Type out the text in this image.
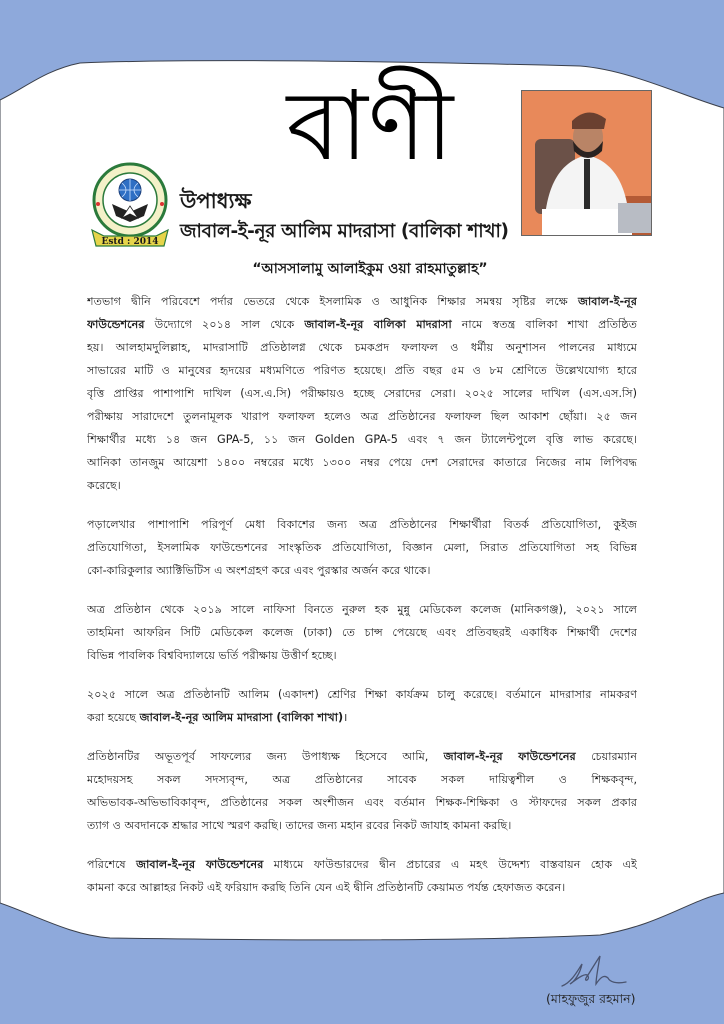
বাণী
Estd : 2014
উপাধ্যক্ষ
জাবাল-ই-নূর আলিম মাদরাসা (বালিকা শাখা)
“আসসালামু আলাইকুম ওয়া রাহমাতুল্লাহ”
শতভাগ দ্বীনি পরিবেশে পর্দার ভেতরে থেকে ইসলামিক ও আধুনিক শিক্ষার সমন্বয় সৃষ্টির লক্ষে জাবাল-ই-নূর
ফাউন্ডেশনের উদ্যোগে ২০১৪ সাল থেকে জাবাল-ই-নূর বালিকা মাদরাসা নামে স্বতন্ত্র বালিকা শাখা প্রতিষ্ঠিত
হয়। আলহামদুলিল্লাহ, মাদরাসাটি প্রতিষ্ঠালগ্ন থেকে চমকপ্রদ ফলাফল ও ধর্মীয় অনুশাসন পালনের মাধ্যমে
সাভারের মাটি ও মানুষের হৃদয়ের মধ্যমণিতে পরিণত হয়েছে। প্রতি বছর ৫ম ও ৮ম শ্রেণিতে উল্লেখযোগ্য হারে
বৃত্তি প্রাপ্তির পাশাপাশি দাখিল (এস.এ.সি) পরীক্ষায়ও হচ্ছে সেরাদের সেরা। ২০২৫ সালের দাখিল (এস.এস.সি)
পরীক্ষায় সারাদেশে তুলনামূলক খারাপ ফলাফল হলেও অত্র প্রতিষ্ঠানের ফলাফল ছিল আকাশ ছোঁয়া। ২৫ জন
শিক্ষার্থীর মধ্যে ১৪ জন GPA-5, ১১ জন Golden GPA-5 এবং ৭ জন ট্যালেন্টপুলে বৃত্তি লাভ করেছে।
আনিকা তানজুম আয়েশা ১৪০০ নম্বরের মধ্যে ১৩০০ নম্বর পেয়ে দেশ সেরাদের কাতারে নিজের নাম লিপিবদ্ধ
করেছে।
পড়ালেখার পাশাপাশি পরিপূর্ণ মেধা বিকাশের জন্য অত্র প্রতিষ্ঠানের শিক্ষার্থীরা বিতর্ক প্রতিযোগিতা, কুইজ
প্রতিযোগিতা, ইসলামিক ফাউন্ডেশনের সাংস্কৃতিক প্রতিযোগিতা, বিজ্ঞান মেলা, সিরাত প্রতিযোগিতা সহ বিভিন্ন
কো-কারিকুলার অ্যাক্টিভিটিস এ অংশগ্রহণ করে এবং পুরস্কার অর্জন করে থাকে।
অত্র প্রতিষ্ঠান থেকে ২০১৯ সালে নাফিসা বিনতে নুরুল হক মুন্নু মেডিকেল কলেজ (মানিকগঞ্জ), ২০২১ সালে
তাহমিনা আফরিন সিটি মেডিকেল কলেজ (ঢাকা) তে চান্স পেয়েছে এবং প্রতিবছরই একাধিক শিক্ষার্থী দেশের
বিভিন্ন পাবলিক বিশ্ববিদ্যালয়ে ভর্তি পরীক্ষায় উত্তীর্ণ হচ্ছে।
২০২৫ সালে অত্র প্রতিষ্ঠানটি আলিম (একাদশ) শ্রেণির শিক্ষা কার্যক্রম চালু করেছে। বর্তমানে মাদরাসার নামকরণ
করা হয়েছে জাবাল-ই-নূর আলিম মাদরাসা (বালিকা শাখা)।
প্রতিষ্ঠানটির অভূতপূর্ব সাফল্যের জন্য উপাধ্যক্ষ হিসেবে আমি, জাবাল-ই-নূর ফাউন্ডেশনের চেয়ারম্যান
মহোদয়সহ সকল সদস্যবৃন্দ, অত্র প্রতিষ্ঠানের সাবেক সকল দায়িত্বশীল ও শিক্ষকবৃন্দ,
অভিভাবক-অভিভাবিকাবৃন্দ, প্রতিষ্ঠানের সকল অংশীজন এবং বর্তমান শিক্ষক-শিক্ষিকা ও স্টাফদের সকল প্রকার
ত্যাগ ও অবদানকে শ্রদ্ধার সাথে স্মরণ করছি। তাদের জন্য মহান রবের নিকট জাযাহ কামনা করছি।
পরিশেষে জাবাল-ই-নূর ফাউন্ডেশনের মাধ্যমে ফাউন্ডারদের দ্বীন প্রচারের এ মহৎ উদ্দেশ্য বাস্তবায়ন হোক এই
কামনা করে আল্লাহর নিকট এই ফরিয়াদ করছি তিনি যেন এই দ্বীনি প্রতিষ্ঠানটি কেয়ামত পর্যন্ত হেফাজত করেন।
(মাহফুজুর রহমান)
